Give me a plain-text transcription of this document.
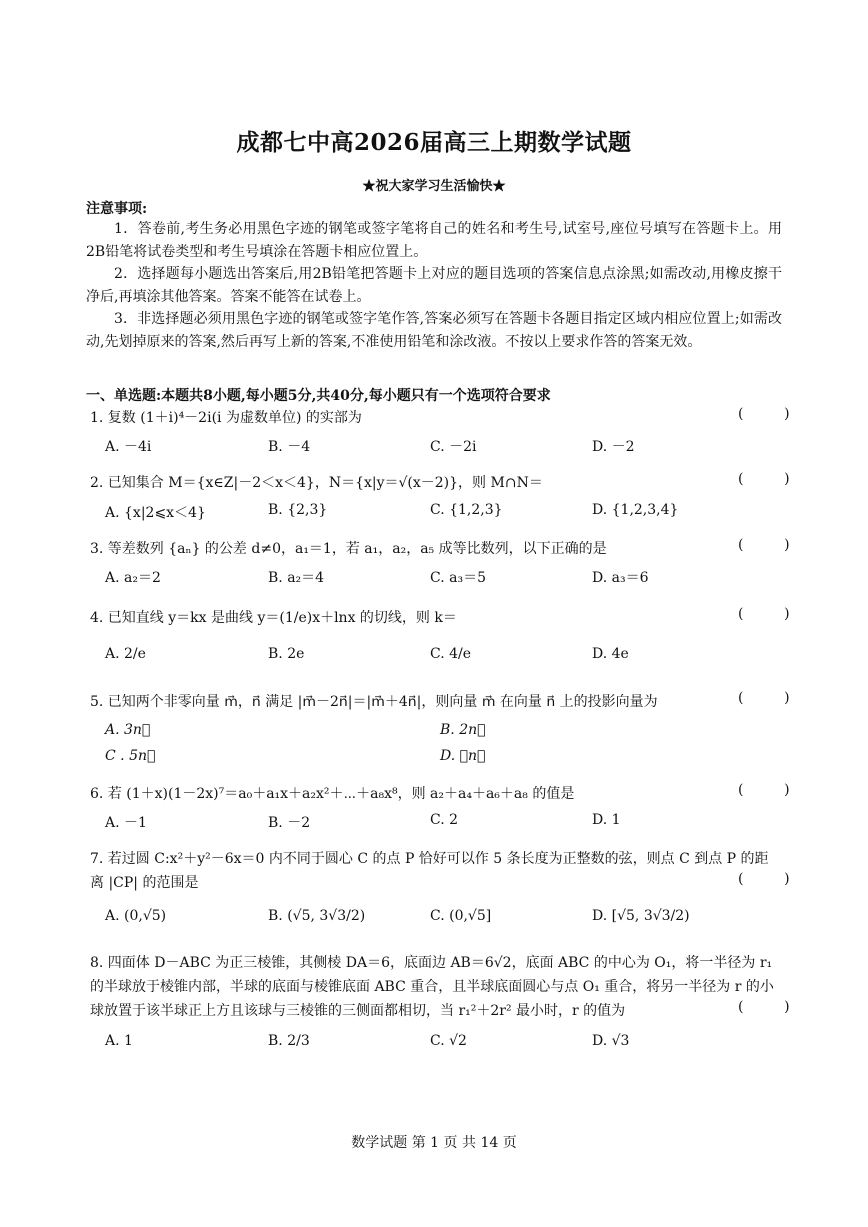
成都七中高2026届高三上期数学试题
★祝大家学习生活愉快★
注意事项:
1．答卷前,考生务必用黑色字迹的钢笔或签字笔将自己的姓名和考生号,试室号,座位号填写在答题卡上。用2B铅笔将试卷类型和考生号填涂在答题卡相应位置上。
2．选择题每小题选出答案后,用2B铅笔把答题卡上对应的题目选项的答案信息点涂黑;如需改动,用橡皮擦干净后,再填涂其他答案。答案不能答在试卷上。
3．非选择题必须用黑色字迹的钢笔或签字笔作答,答案必须写在答题卡各题目指定区域内相应位置上;如需改动,先划掉原来的答案,然后再写上新的答案,不准使用铅笔和涂改液。不按以上要求作答的答案无效。
一、单选题:本题共8小题,每小题5分,共40分,每小题只有一个选项符合要求
1. 复数 (1＋i)⁴－2i(i 为虚数单位) 的实部为	(      )
A. －4i	B. －4	C. －2i	D. －2
2. 已知集合 M＝{x∈Z|－2＜x＜4}，N＝{x|y＝√(x－2)}，则 M∩N＝	(      )
A. {x|2⩽x＜4}	B. {2,3}	C. {1,2,3}	D. {1,2,3,4}
3. 等差数列 {aₙ} 的公差 d≠0，a₁＝1，若 a₁，a₂，a₅ 成等比数列，以下正确的是	(      )
A. a₂＝2	B. a₂＝4	C. a₃＝5	D. a₃＝6
4. 已知直线 y＝kx 是曲线 y＝(1/e)x＋lnx 的切线，则 k＝	(      )
A. 2/e	B. 2e	C. 4/e	D. 4e
5. 已知两个非零向量 m⃗，n⃗ 满足 |m⃗－2n⃗|＝|m⃗＋4n⃗|，则向量 m⃗ 在向量 n⃗ 上的投影向量为	(      )
A. 3n⃗	B. 2n⃗
C . 5n⃗	D. －n⃗
6. 若 (1＋x)(1－2x)⁷＝a₀＋a₁x＋a₂x²＋⋯＋a₈x⁸，则 a₂＋a₄＋a₆＋a₈ 的值是	(      )
A. －1	B. －2	C. 2	D. 1
7. 若过圆 C:x²＋y²－6x＝0 内不同于圆心 C 的点 P 恰好可以作 5 条长度为正整数的弦，则点 C 到点 P 的距离 |CP| 的范围是	(      )
A. (0,√5)	B. (√5, 3√3/2)	C. (0,√5]	D. [√5, 3√3/2)
8. 四面体 D－ABC 为正三棱锥，其侧棱 DA＝6，底面边 AB＝6√2，底面 ABC 的中心为 O₁，将一半径为 r₁ 的半球放于棱锥内部，半球的底面与棱锥底面 ABC 重合，且半球底面圆心与点 O₁ 重合，将另一半径为 r 的小球放置于该半球正上方且该球与三棱锥的三侧面都相切，当 r₁²＋2r² 最小时，r 的值为	(      )
A. 1	B. 2/3	C. √2	D. √3
数学试题 第 1 页 共 14 页
